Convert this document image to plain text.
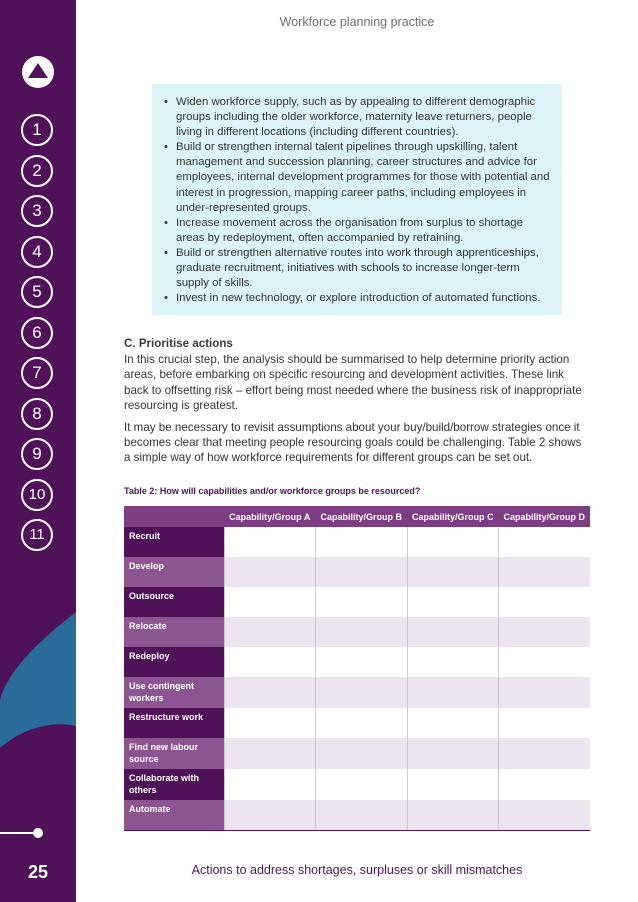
1
2
3
4
5
6
7
8
9
10
11
25
Workforce planning practice
• Widen workforce supply, such as by appealing to different demographic groups including the older workforce, maternity leave returners, people living in different locations (including different countries).
• Build or strengthen internal talent pipelines through upskilling, talent management and succession planning, career structures and advice for employees, internal development programmes for those with potential and interest in progression, mapping career paths, including employees in under-represented groups.
• Increase movement across the organisation from surplus to shortage areas by redeployment, often accompanied by retraining.
• Build or strengthen alternative routes into work through apprenticeships, graduate recruitment, initiatives with schools to increase longer-term supply of skills.
• Invest in new technology, or explore introduction of automated functions.
C. Prioritise actions

In this crucial step, the analysis should be summarised to help determine priority action areas, before embarking on specific resourcing and development activities. These link back to offsetting risk – effort being most needed where the business risk of inappropriate resourcing is greatest.

It may be necessary to revisit assumptions about your buy/build/borrow strategies once it becomes clear that meeting people resourcing goals could be challenging. Table 2 shows a simple way of how workforce requirements for different groups can be set out.

Table 2: How will capabilities and/or workforce groups be resourced?
	Capability/Group A	Capability/Group B	Capability/Group C	Capability/Group D
Recruit				
Develop				
Outsource				
Relocate				
Redeploy				
Use contingent workers				
Restructure work				
Find new labour source				
Collaborate with others				
Automate				
Actions to address shortages, surpluses or skill mismatches
